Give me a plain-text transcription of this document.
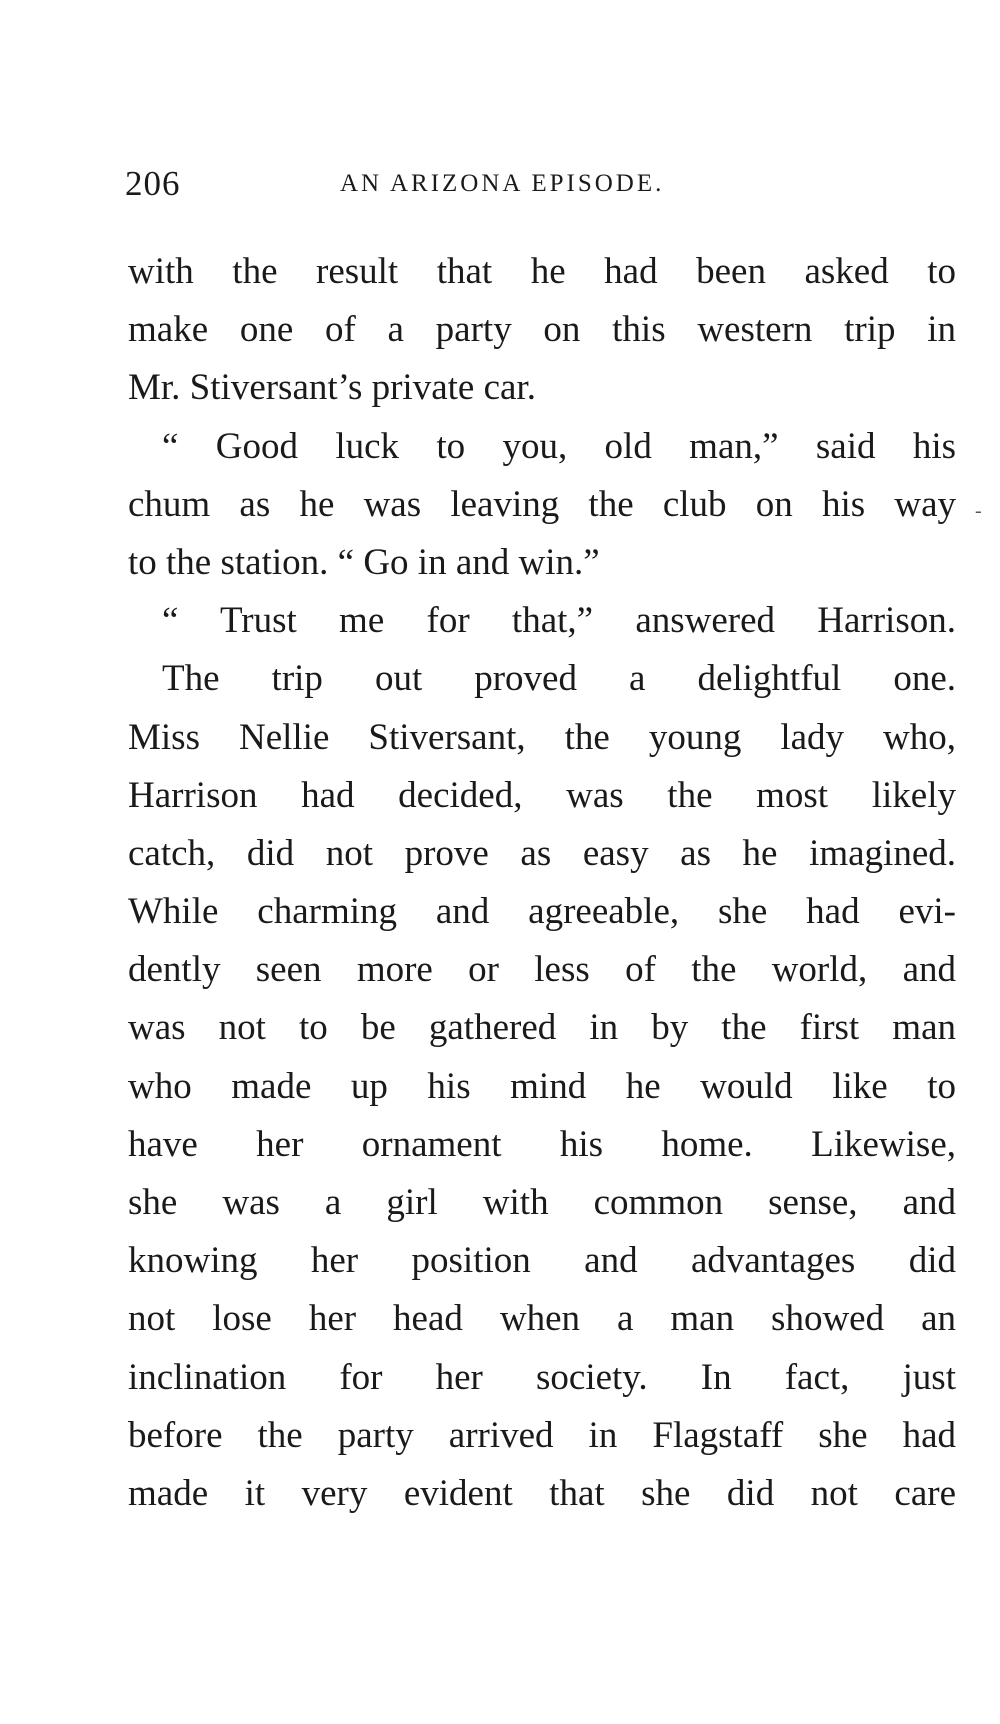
206	AN ARIZONA EPISODE.
with the result that he had been asked to
make one of a party on this western trip in
Mr. Stiversant’s private car.
“ Good luck to you, old man,” said his
chum as he was leaving the club on his way
to the station. “ Go in and win.”
“ Trust me for that,” answered Harrison.
The trip out proved a delightful one.
Miss Nellie Stiversant, the young lady who,
Harrison had decided, was the most likely
catch, did not prove as easy as he imagined.
While charming and agreeable, she had evi-
dently seen more or less of the world, and
was not to be gathered in by the first man
who made up his mind he would like to
have her ornament his home. Likewise,
she was a girl with common sense, and
knowing her position and advantages did
not lose her head when a man showed an
inclination for her society. In fact, just
before the party arrived in Flagstaff she had
made it very evident that she did not care
-
